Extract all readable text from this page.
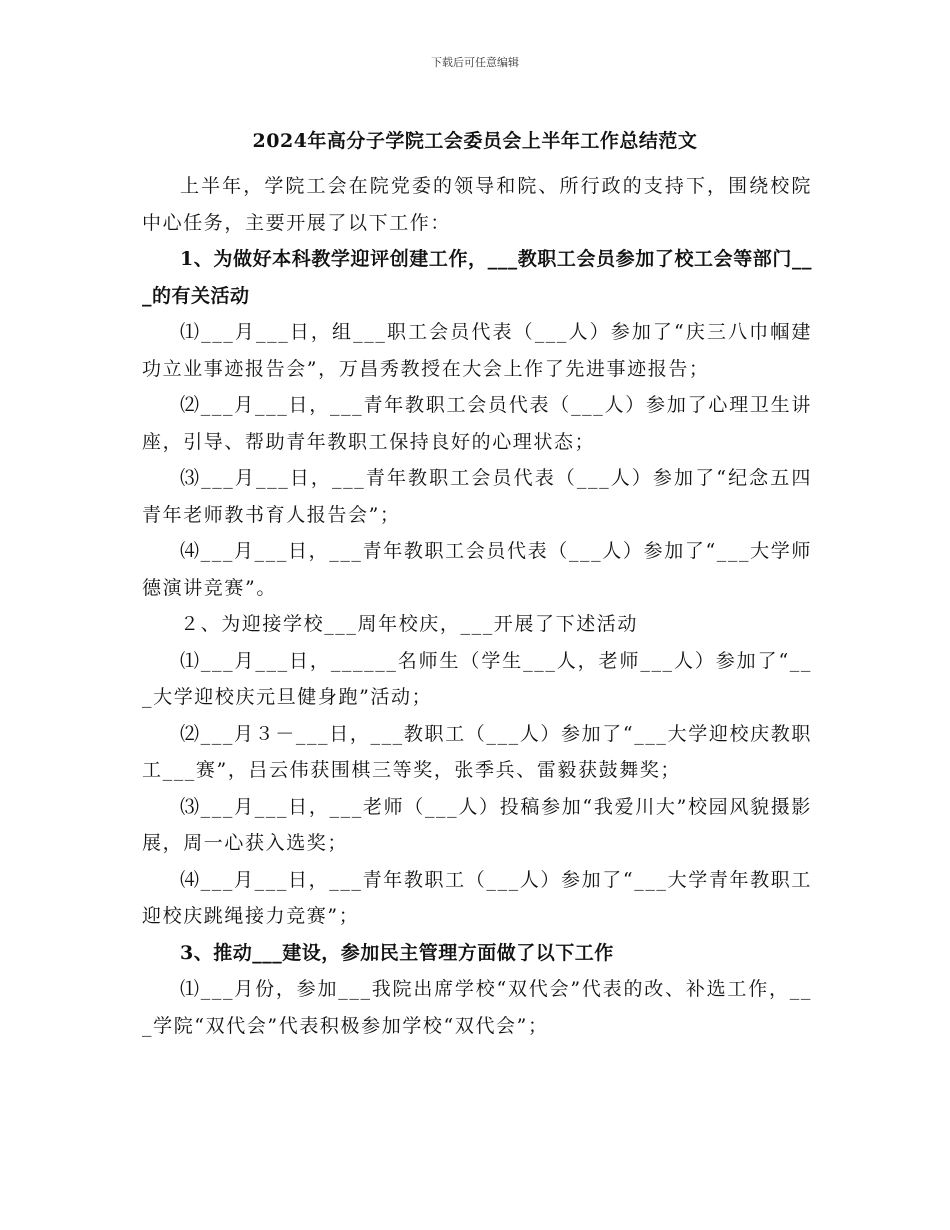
下载后可任意编辑
2024年高分子学院工会委员会上半年工作总结范文

上半年，学院工会在院党委的领导和院、所行政的支持下，围绕校院中心任务，主要开展了以下工作：

1、为做好本科教学迎评创建工作，___教职工会员参加了校工会等部门___的有关活动

⑴___月___日，组___职工会员代表（___人）参加了“庆三八巾帼建功立业事迹报告会”，万昌秀教授在大会上作了先进事迹报告；

⑵___月___日，___青年教职工会员代表（___人）参加了心理卫生讲座，引导、帮助青年教职工保持良好的心理状态；

⑶___月___日，___青年教职工会员代表（___人）参加了“纪念五四青年老师教书育人报告会”；

⑷___月___日，___青年教职工会员代表（___人）参加了“___大学师德演讲竞赛”。

２、为迎接学校___周年校庆，___开展了下述活动

⑴___月___日，______名师生（学生___人，老师___人）参加了“___大学迎校庆元旦健身跑”活动；

⑵___月３－___日，___教职工（___人）参加了“___大学迎校庆教职工___赛”，吕云伟获围棋三等奖，张季兵、雷毅获鼓舞奖；

⑶___月___日，___老师（___人）投稿参加“我爱川大”校园风貌摄影展，周一心获入选奖；

⑷___月___日，___青年教职工（___人）参加了“___大学青年教职工迎校庆跳绳接力竞赛”；

3、推动___建设，参加民主管理方面做了以下工作

⑴___月份，参加___我院出席学校“双代会”代表的改、补选工作，___学院“双代会”代表积极参加学校“双代会”；
